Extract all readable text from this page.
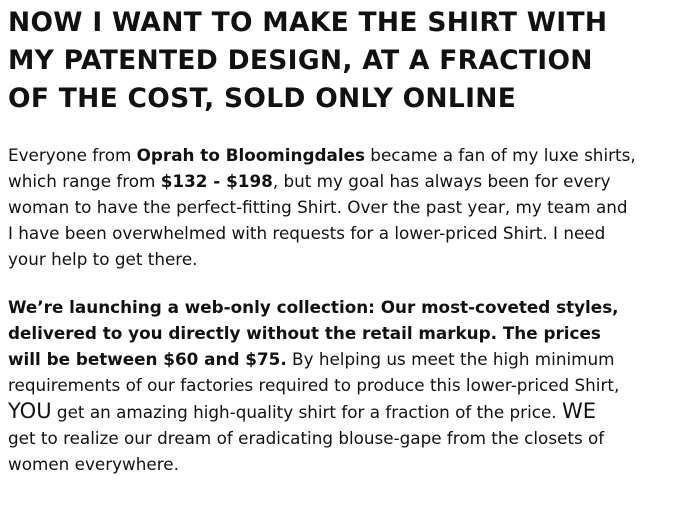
NOW I WANT TO MAKE THE SHIRT WITH
MY PATENTED DESIGN, AT A FRACTION
OF THE COST, SOLD ONLY ONLINE

Everyone from Oprah to Bloomingdales became a fan of my luxe shirts,
which range from $132 - $198, but my goal has always been for every
woman to have the perfect-fitting Shirt. Over the past year, my team and
I have been overwhelmed with requests for a lower-priced Shirt. I need
your help to get there.

We’re launching a web-only collection: Our most-coveted styles,
delivered to you directly without the retail markup. The prices
will be between $60 and $75. By helping us meet the high minimum
requirements of our factories required to produce this lower-priced Shirt,
YOU get an amazing high-quality shirt for a fraction of the price. WE
get to realize our dream of eradicating blouse-gape from the closets of
women everywhere.
